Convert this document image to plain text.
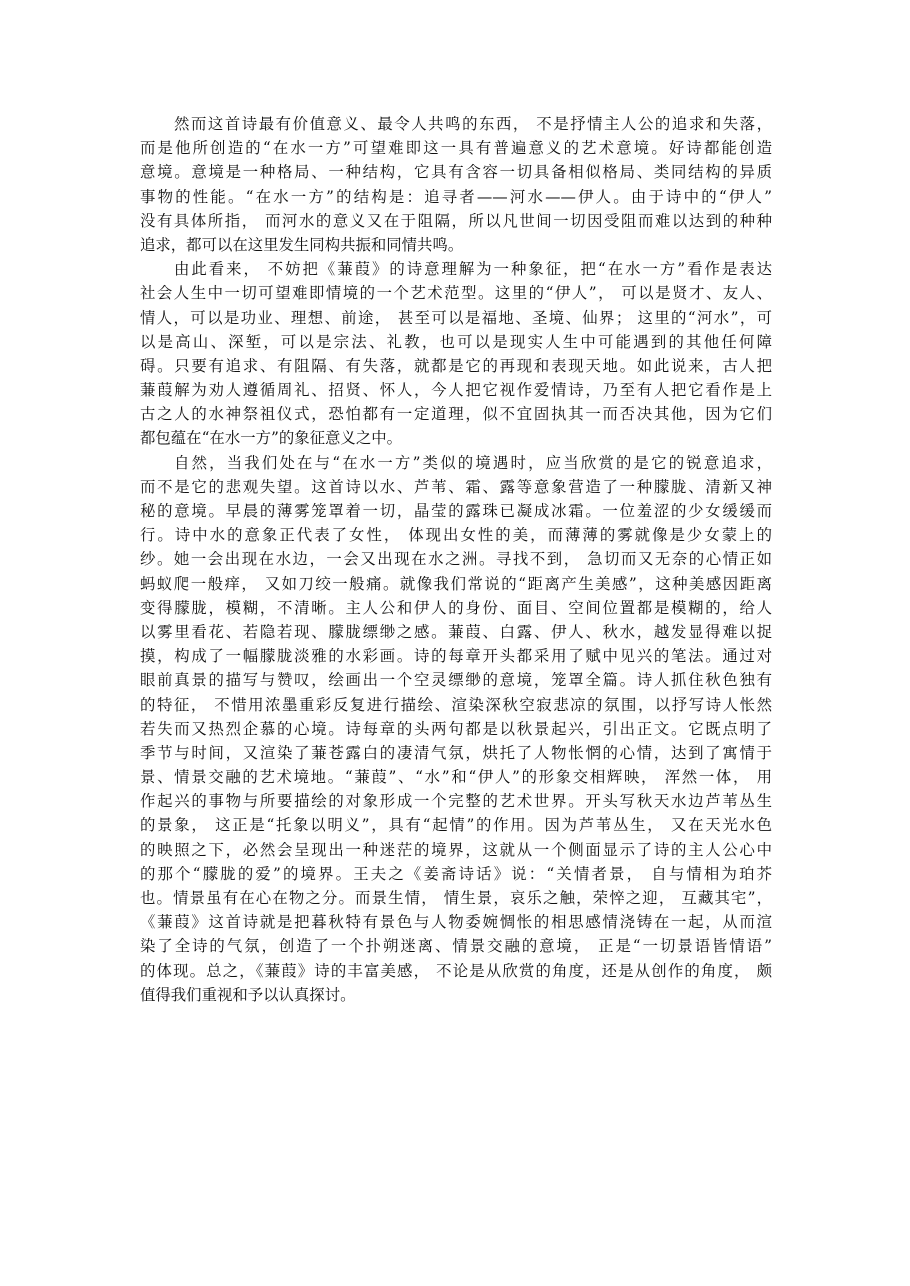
然而这首诗最有价值意义、最令人共鸣的东西， 不是抒情主人公的追求和失落，
而是他所创造的“在水一方”可望难即这一具有普遍意义的艺术意境。好诗都能创造
意境。意境是一种格局、一种结构，它具有含容一切具备相似格局、类同结构的异质
事物的性能。“在水一方”的结构是：追寻者——河水——伊人。由于诗中的“伊人”
没有具体所指， 而河水的意义又在于阻隔，所以凡世间一切因受阻而难以达到的种种
追求，都可以在这里发生同构共振和同情共鸣。
由此看来， 不妨把《蒹葭》的诗意理解为一种象征，把“在水一方”看作是表达
社会人生中一切可望难即情境的一个艺术范型。这里的“伊人”， 可以是贤才、友人、
情人，可以是功业、理想、前途， 甚至可以是福地、圣境、仙界； 这里的“河水”，可
以是高山、深堑，可以是宗法、礼教，也可以是现实人生中可能遇到的其他任何障
碍。只要有追求、有阻隔、有失落，就都是它的再现和表现天地。如此说来，古人把
蒹葭解为劝人遵循周礼、招贤、怀人，今人把它视作爱情诗，乃至有人把它看作是上
古之人的水神祭祖仪式，恐怕都有一定道理，似不宜固执其一而否决其他，因为它们
都包蕴在“在水一方”的象征意义之中。
自然，当我们处在与“在水一方”类似的境遇时，应当欣赏的是它的锐意追求，
而不是它的悲观失望。这首诗以水、芦苇、霜、露等意象营造了一种朦胧、清新又神
秘的意境。早晨的薄雾笼罩着一切，晶莹的露珠已凝成冰霜。一位羞涩的少女缓缓而
行。诗中水的意象正代表了女性， 体现出女性的美，而薄薄的雾就像是少女蒙上的
纱。她一会出现在水边，一会又出现在水之洲。寻找不到， 急切而又无奈的心情正如
蚂蚁爬一般痒， 又如刀绞一般痛。就像我们常说的“距离产生美感”，这种美感因距离
变得朦胧，模糊，不清晰。主人公和伊人的身份、面目、空间位置都是模糊的，给人
以雾里看花、若隐若现、朦胧缥缈之感。蒹葭、白露、伊人、秋水，越发显得难以捉
摸，构成了一幅朦胧淡雅的水彩画。诗的每章开头都采用了赋中见兴的笔法。通过对
眼前真景的描写与赞叹，绘画出一个空灵缥缈的意境，笼罩全篇。诗人抓住秋色独有
的特征， 不惜用浓墨重彩反复进行描绘、渲染深秋空寂悲凉的氛围，以抒写诗人怅然
若失而又热烈企慕的心境。诗每章的头两句都是以秋景起兴，引出正文。它既点明了
季节与时间，又渲染了蒹苍露白的凄清气氛，烘托了人物怅惘的心情，达到了寓情于
景、情景交融的艺术境地。“蒹葭”、“水”和“伊人”的形象交相辉映， 浑然一体， 用
作起兴的事物与所要描绘的对象形成一个完整的艺术世界。开头写秋天水边芦苇丛生
的景象， 这正是“托象以明义”，具有“起情”的作用。因为芦苇丛生， 又在天光水色
的映照之下，必然会呈现出一种迷茫的境界，这就从一个侧面显示了诗的主人公心中
的那个“朦胧的爱”的境界。王夫之《姜斋诗话》说：“关情者景， 自与情相为珀芥
也。情景虽有在心在物之分。而景生情， 情生景，哀乐之触，荣悴之迎， 互藏其宅”，
《蒹葭》这首诗就是把暮秋特有景色与人物委婉惆怅的相思感情浇铸在一起，从而渲
染了全诗的气氛，创造了一个扑朔迷离、情景交融的意境， 正是“一切景语皆情语”
的体现。总之，《蒹葭》诗的丰富美感， 不论是从欣赏的角度，还是从创作的角度， 颇
值得我们重视和予以认真探讨。
